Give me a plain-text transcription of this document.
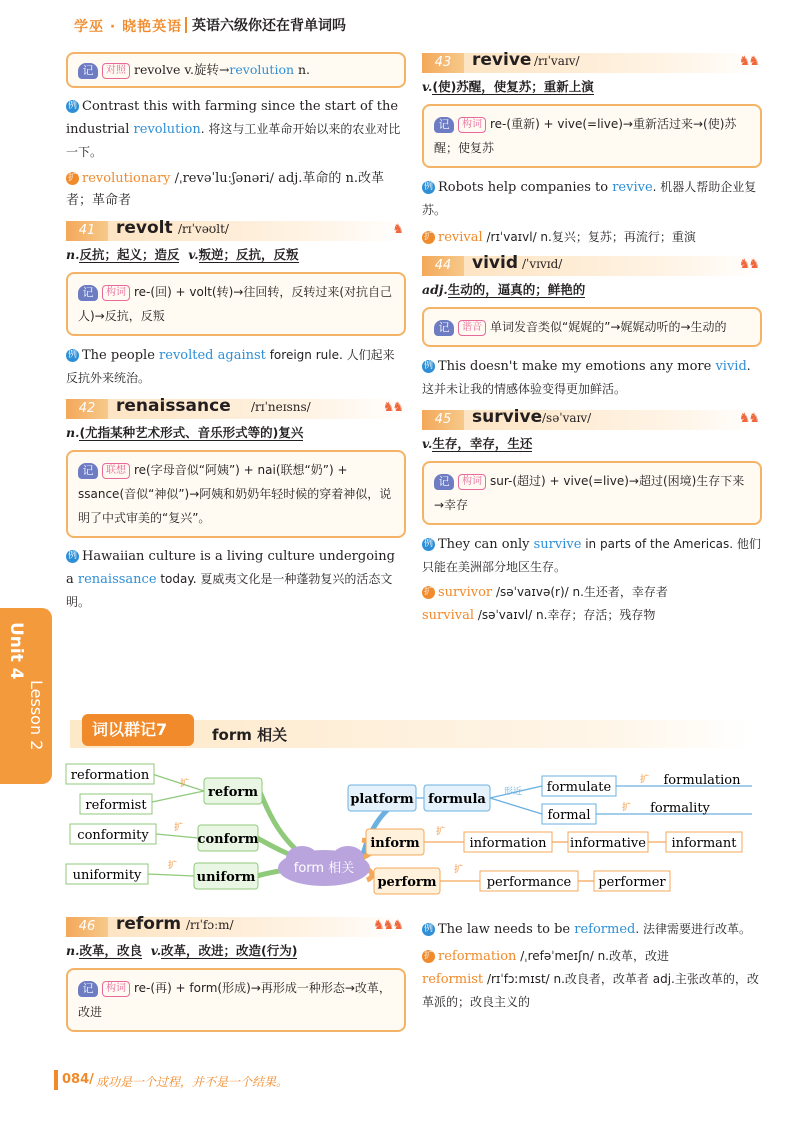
学巫 · 晓艳英语 英语六级你还在背单词吗
Unit 4
Lesson 2
记 对照 revolve v.旋转→revolution n.
例 Contrast this with farming since the start of the industrial revolution. 将这与工业革命开始以来的农业对比一下。
扩 revolutionary /ˌrevəˈluːʃənəri/ adj.革命的 n.改革者；革命者
41	revolt /rɪˈvəʊlt/	♞
n.反抗；起义；造反 v.叛逆；反抗，反叛
记 构词 re-(回) + volt(转)→往回转，反转过来(对抗自己人)→反抗，反叛
例 The people revolted against foreign rule. 人们起来反抗外来统治。
42	renaissance /rɪˈneɪsns/	♞♞
n.(尤指某种艺术形式、音乐形式等的)复兴
记 联想 re(字母音似“阿姨”) + nai(联想“奶”) + ssance(音似“神似”)→阿姨和奶奶年轻时候的穿着神似，说明了中式审美的“复兴”。
例 Hawaiian culture is a living culture undergoing a renaissance today. 夏威夷文化是一种蓬勃复兴的活态文明。
43	revive /rɪˈvaɪv/	♞♞
v.(使)苏醒，使复苏；重新上演
记 构词 re-(重新) + vive(=live)→重新活过来→(使)苏醒；使复苏
例 Robots help companies to revive. 机器人帮助企业复苏。
扩 revival /rɪˈvaɪvl/ n.复兴；复苏；再流行；重演
44	vivid /ˈvɪvɪd/	♞♞
adj.生动的，逼真的；鲜艳的
记 谐音 单词发音类似“娓娓的”→娓娓动听的→生动的
例 This doesn't make my emotions any more vivid. 这并未让我的情感体验变得更加鲜活。
45	survive /səˈvaɪv/	♞♞
v.生存，幸存，生还
记 构词 sur-(超过) + vive(=live)→超过(困境)生存下来→幸存
例 They can only survive in parts of the Americas. 他们只能在美洲部分地区生存。
扩 survivor /səˈvaɪvə(r)/ n.生还者，幸存者
survival /səˈvaɪvl/ n.幸存；存活；残存物
词以群记7	form 相关
form 相关
reformation
reformist
扩
reform
conformity	扩
conform
uniformity
扩
uniform
platform formula 形近 formulate	扩 formulation
formal	扩 formality
inform
扩
information informative informant
perform
扩
performance performer
46	reform /rɪˈfɔːm/	♞♞♞
n.改革，改良 v.改革，改进；改造(行为)
记 构词 re-(再) + form(形成)→再形成一种形态→改革，改进
例 The law needs to be reformed. 法律需要进行改革。
扩 reformation /ˌrefəˈmeɪʃn/ n.改革，改进
reformist /rɪˈfɔːmɪst/ n.改良者，改革者 adj.主张改革的，改革派的；改良主义的
084/ 成功是一个过程，并不是一个结果。
